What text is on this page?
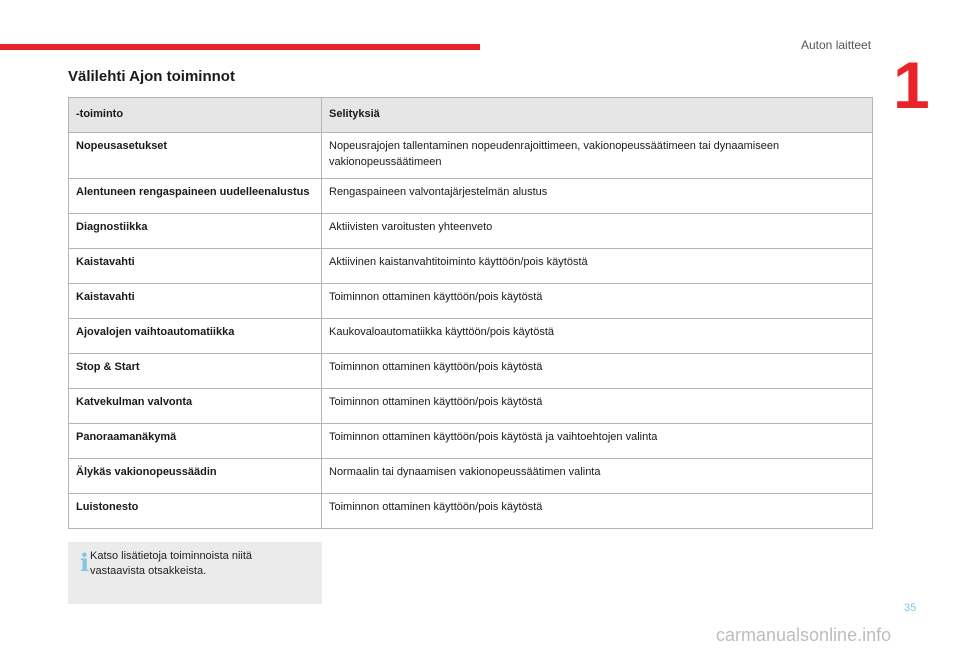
Auton laitteet
1
Välilehti Ajon toiminnot
-toiminto	Selityksiä
Nopeusasetukset	Nopeusrajojen tallentaminen nopeudenrajoittimeen, vakionopeussäätimeen tai dynaamiseen vakionopeussäätimeen
Alentuneen rengaspaineen uudelleenalustus	Rengaspaineen valvontajärjestelmän alustus
Diagnostiikka	Aktiivisten varoitusten yhteenveto
Kaistavahti	Aktiivinen kaistanvahtitoiminto käyttöön/pois käytöstä
Kaistavahti	Toiminnon ottaminen käyttöön/pois käytöstä
Ajovalojen vaihtoautomatiikka	Kaukovaloautomatiikka käyttöön/pois käytöstä
Stop & Start	Toiminnon ottaminen käyttöön/pois käytöstä
Katvekulman valvonta	Toiminnon ottaminen käyttöön/pois käytöstä
Panoraamanäkymä	Toiminnon ottaminen käyttöön/pois käytöstä ja vaihtoehtojen valinta
Älykäs vakionopeussäädin	Normaalin tai dynaamisen vakionopeussäätimen valinta
Luistonesto	Toiminnon ottaminen käyttöön/pois käytöstä
i Katso lisätietoja toiminnoista niitä vastaavista otsakkeista.
35
carmanualsonline.info
